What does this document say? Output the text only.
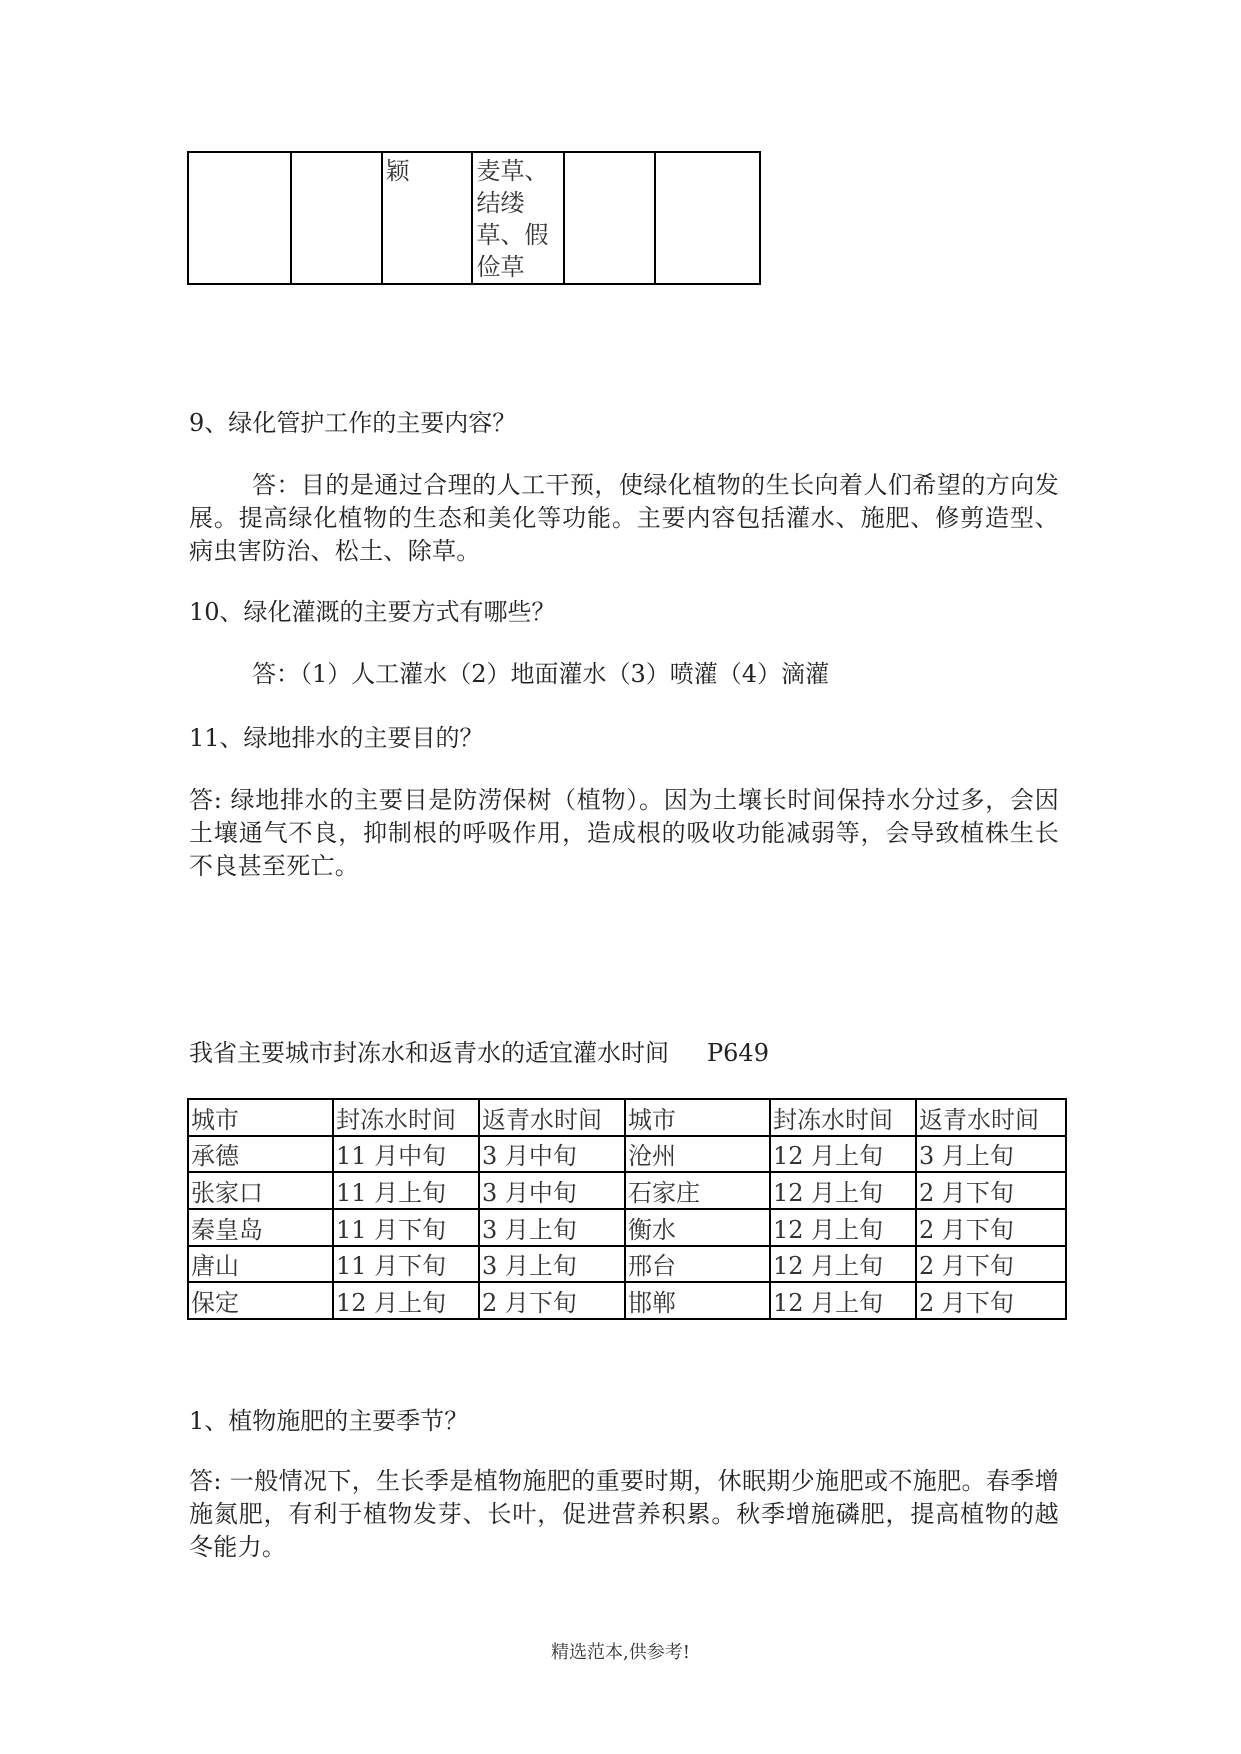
		颖	麦草、结缕草、假俭草		

9、绿化管护工作的主要内容？

答：目的是通过合理的人工干预，使绿化植物的生长向着人们希望的方向发展。提高绿化植物的生态和美化等功能。主要内容包括灌水、施肥、修剪造型、病虫害防治、松土、除草。

10、绿化灌溉的主要方式有哪些？

答：（1）人工灌水（2）地面灌水（3）喷灌（4）滴灌

11、绿地排水的主要目的？

答: 绿地排水的主要目是防涝保树（植物）。因为土壤长时间保持水分过多，会因土壤通气不良，抑制根的呼吸作用，造成根的吸收功能减弱等，会导致植株生长不良甚至死亡。

我省主要城市封冻水和返青水的适宜灌水时间 P649

城市	封冻水时间	返青水时间	城市	封冻水时间	返青水时间
承德	11 月中旬	3 月中旬	沧州	12 月上旬	3 月上旬
张家口	11 月上旬	3 月中旬	石家庄	12 月上旬	2 月下旬
秦皇岛	11 月下旬	3 月上旬	衡水	12 月上旬	2 月下旬
唐山	11 月下旬	3 月上旬	邢台	12 月上旬	2 月下旬
保定	12 月上旬	2 月下旬	邯郸	12 月上旬	2 月下旬

1、植物施肥的主要季节？

答: 一般情况下，生长季是植物施肥的重要时期，休眠期少施肥或不施肥。春季增施氮肥，有利于植物发芽、长叶，促进营养积累。秋季增施磷肥，提高植物的越冬能力。

精选范本,供参考!
